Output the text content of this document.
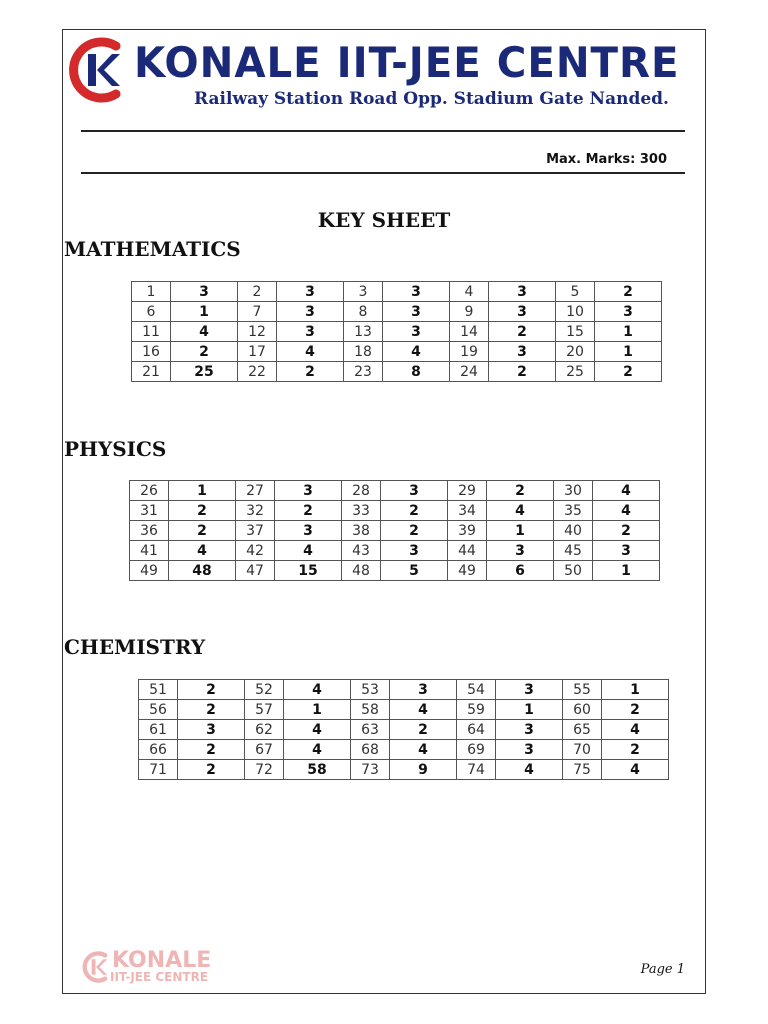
KONALE IIT-JEE CENTRE
Railway Station Road Opp. Stadium Gate Nanded.
Max. Marks: 300
KEY SHEET
MATHEMATICS
1	3	2	3	3	3	4	3	5	2
6	1	7	3	8	3	9	3	10	3
11	4	12	3	13	3	14	2	15	1
16	2	17	4	18	4	19	3	20	1
21	25	22	2	23	8	24	2	25	2
PHYSICS
26	1	27	3	28	3	29	2	30	4
31	2	32	2	33	2	34	4	35	4
36	2	37	3	38	2	39	1	40	2
41	4	42	4	43	3	44	3	45	3
49	48	47	15	48	5	49	6	50	1
CHEMISTRY
51	2	52	4	53	3	54	3	55	1
56	2	57	1	58	4	59	1	60	2
61	3	62	4	63	2	64	3	65	4
66	2	67	4	68	4	69	3	70	2
71	2	72	58	73	9	74	4	75	4
KONALE
IIT-JEE CENTRE	Page 1
